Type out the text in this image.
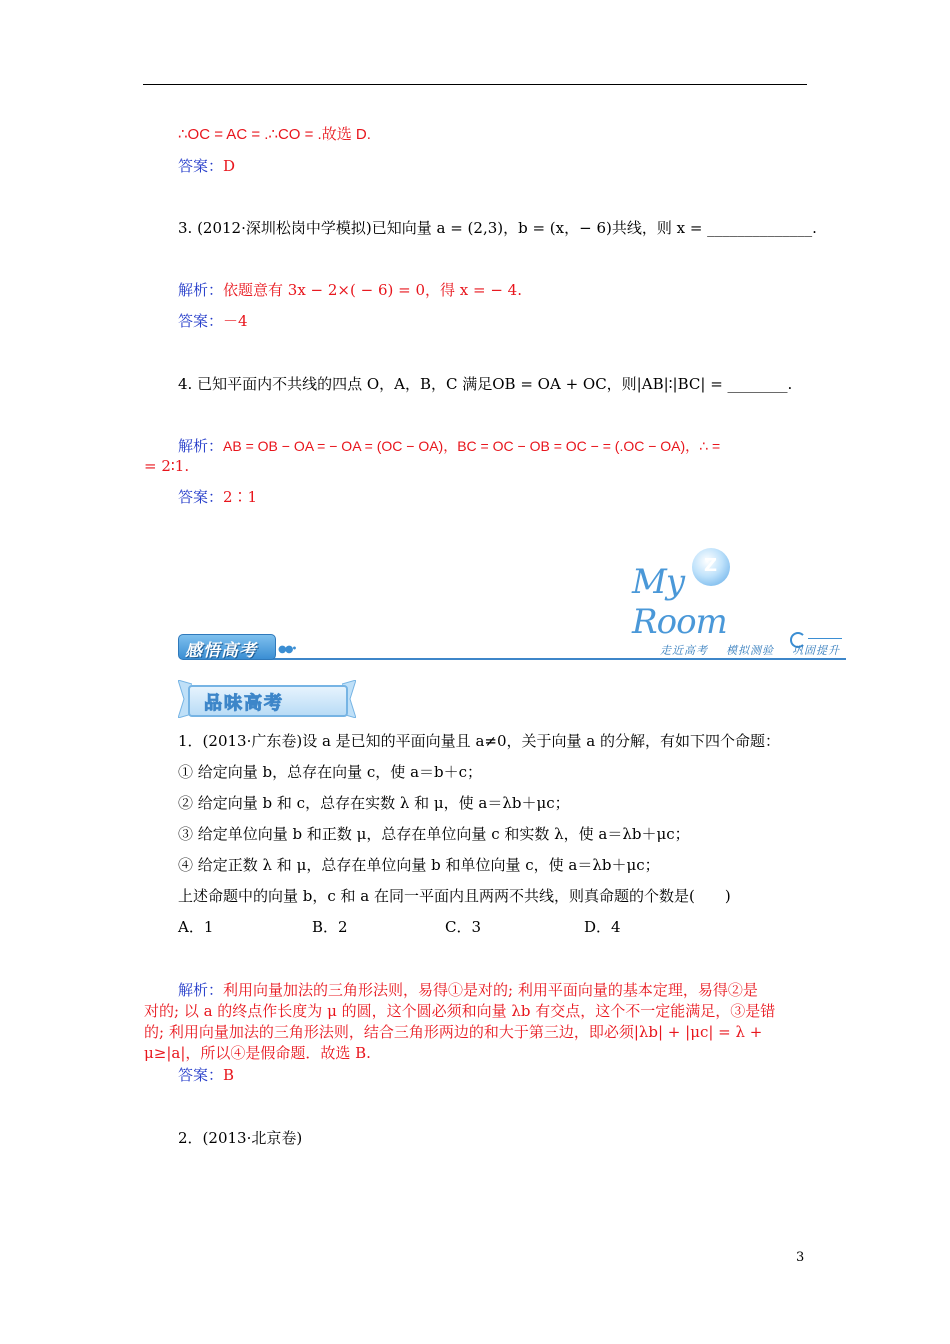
∴OC = AC = .∴CO = .故选 D.
答案：D
3. (2012·深圳松岗中学模拟)已知向量 a = (2,3)，b = (x，− 6)共线，则 x = ______________.
解析：依题意有 3x − 2×( − 6) = 0，得 x = − 4.
答案：－4
4. 已知平面内不共线的四点 O，A，B，C 满足OB = OA + OC，则|AB|∶|BC| = ________.
解析：AB = OB − OA = − OA = (OC − OA)，BC = OC − OB = OC − = (.OC − OA)，∴ =
= 2∶1.
答案：2∶1
Z
My Room
感悟高考 ●●•	走近高考 模拟测验 巩固提升
品味高考
1．(2013·广东卷)设 a 是已知的平面向量且 a≠0，关于向量 a 的分解，有如下四个命题：
① 给定向量 b，总存在向量 c，使 a＝b＋c；
② 给定向量 b 和 c，总存在实数 λ 和 μ，使 a＝λb＋μc；
③ 给定单位向量 b 和正数 μ，总存在单位向量 c 和实数 λ，使 a＝λb＋μc；
④ 给定正数 λ 和 μ，总存在单位向量 b 和单位向量 c，使 a＝λb＋μc；
上述命题中的向量 b，c 和 a 在同一平面内且两两不共线，则真命题的个数是(　　)
A．1	B．2	C．3	D．4
解析：利用向量加法的三角形法则，易得①是对的; 利用平面向量的基本定理，易得②是
对的; 以 a 的终点作长度为 μ 的圆，这个圆必须和向量 λb 有交点，这个不一定能满足，③是错
的; 利用向量加法的三角形法则，结合三角形两边的和大于第三边，即必须|λb| + |μc| = λ +
μ≥|a|，所以④是假命题．故选 B.
答案：B
2．(2013·北京卷)
3
